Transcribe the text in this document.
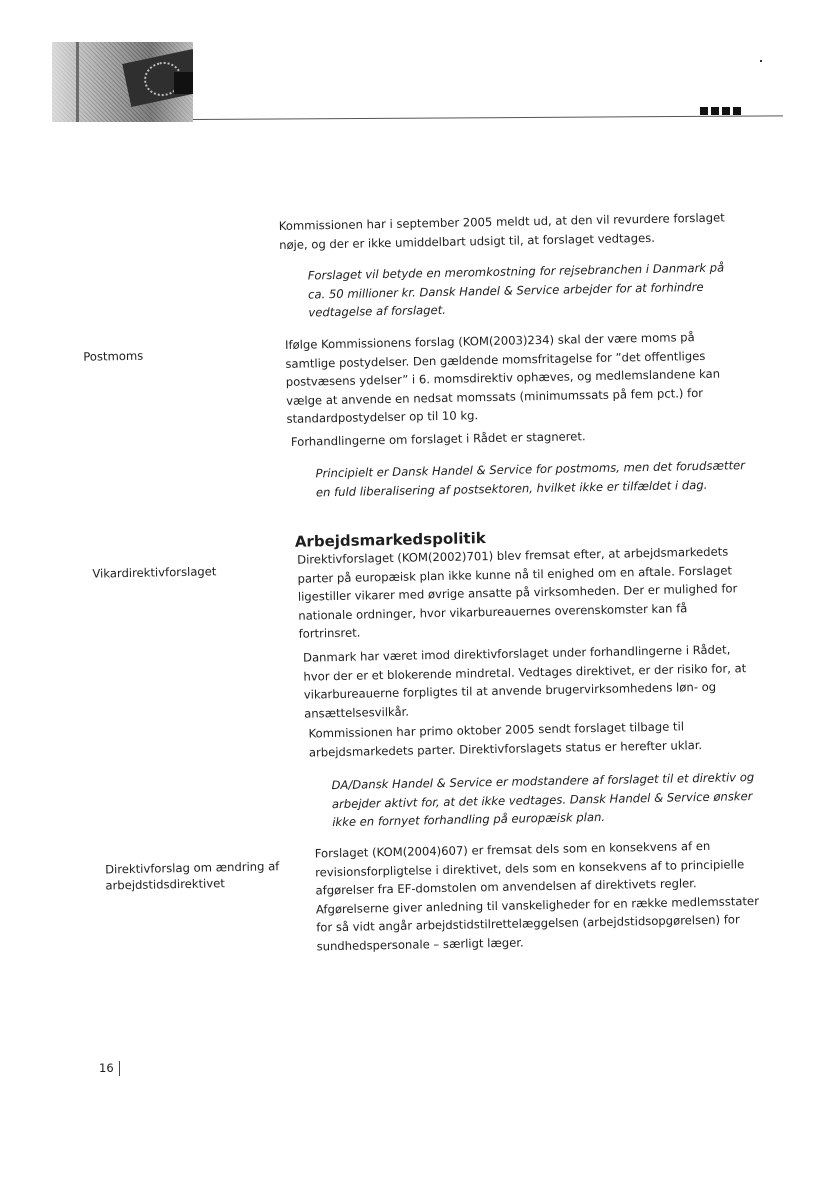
Kommissionen har i september 2005 meldt ud, at den vil revurdere forslaget nøje, og der er ikke umiddelbart udsigt til, at forslaget vedtages.

Forslaget vil betyde en meromkostning for rejsebranchen i Danmark på ca. 50 millioner kr. Dansk Handel & Service arbejder for at forhindre vedtagelse af forslaget.

Postmoms

Ifølge Kommissionens forslag (KOM(2003)234) skal der være moms på samtlige postydelser. Den gældende momsfritagelse for ”det offentliges postvæsens ydelser” i 6. momsdirektiv ophæves, og medlemslandene kan vælge at anvende en nedsat momssats (minimumssats på fem pct.) for standardpostydelser op til 10 kg.

Forhandlingerne om forslaget i Rådet er stagneret.

Principielt er Dansk Handel & Service for postmoms, men det forudsætter en fuld liberalisering af postsektoren, hvilket ikke er tilfældet i dag.

Arbejdsmarkedspolitik

Vikardirektivforslaget

Direktivforslaget (KOM(2002)701) blev fremsat efter, at arbejdsmarkedets parter på europæisk plan ikke kunne nå til enighed om en aftale. Forslaget ligestiller vikarer med øvrige ansatte på virksomheden. Der er mulighed for nationale ordninger, hvor vikarbureauernes overenskomster kan få fortrinsret.

Danmark har været imod direktivforslaget under forhandlingerne i Rådet, hvor der er et blokerende mindretal. Vedtages direktivet, er der risiko for, at vikarbureauerne forpligtes til at anvende brugervirksomhedens løn- og ansættelsesvilkår.

Kommissionen har primo oktober 2005 sendt forslaget tilbage til arbejdsmarkedets parter. Direktivforslagets status er herefter uklar.

DA/Dansk Handel & Service er modstandere af forslaget til et direktiv og arbejder aktivt for, at det ikke vedtages. Dansk Handel & Service ønsker ikke en fornyet forhandling på europæisk plan.

Direktivforslag om ændring af arbejdstidsdirektivet

Forslaget (KOM(2004)607) er fremsat dels som en konsekvens af en revisionsforpligtelse i direktivet, dels som en konsekvens af to principielle afgørelser fra EF-domstolen om anvendelsen af direktivets regler. Afgørelserne giver anledning til vanskeligheder for en række medlemsstater for så vidt angår arbejdstidstilrettelæggelsen (arbejdstidsopgørelsen) for sundhedspersonale – særligt læger.

16
